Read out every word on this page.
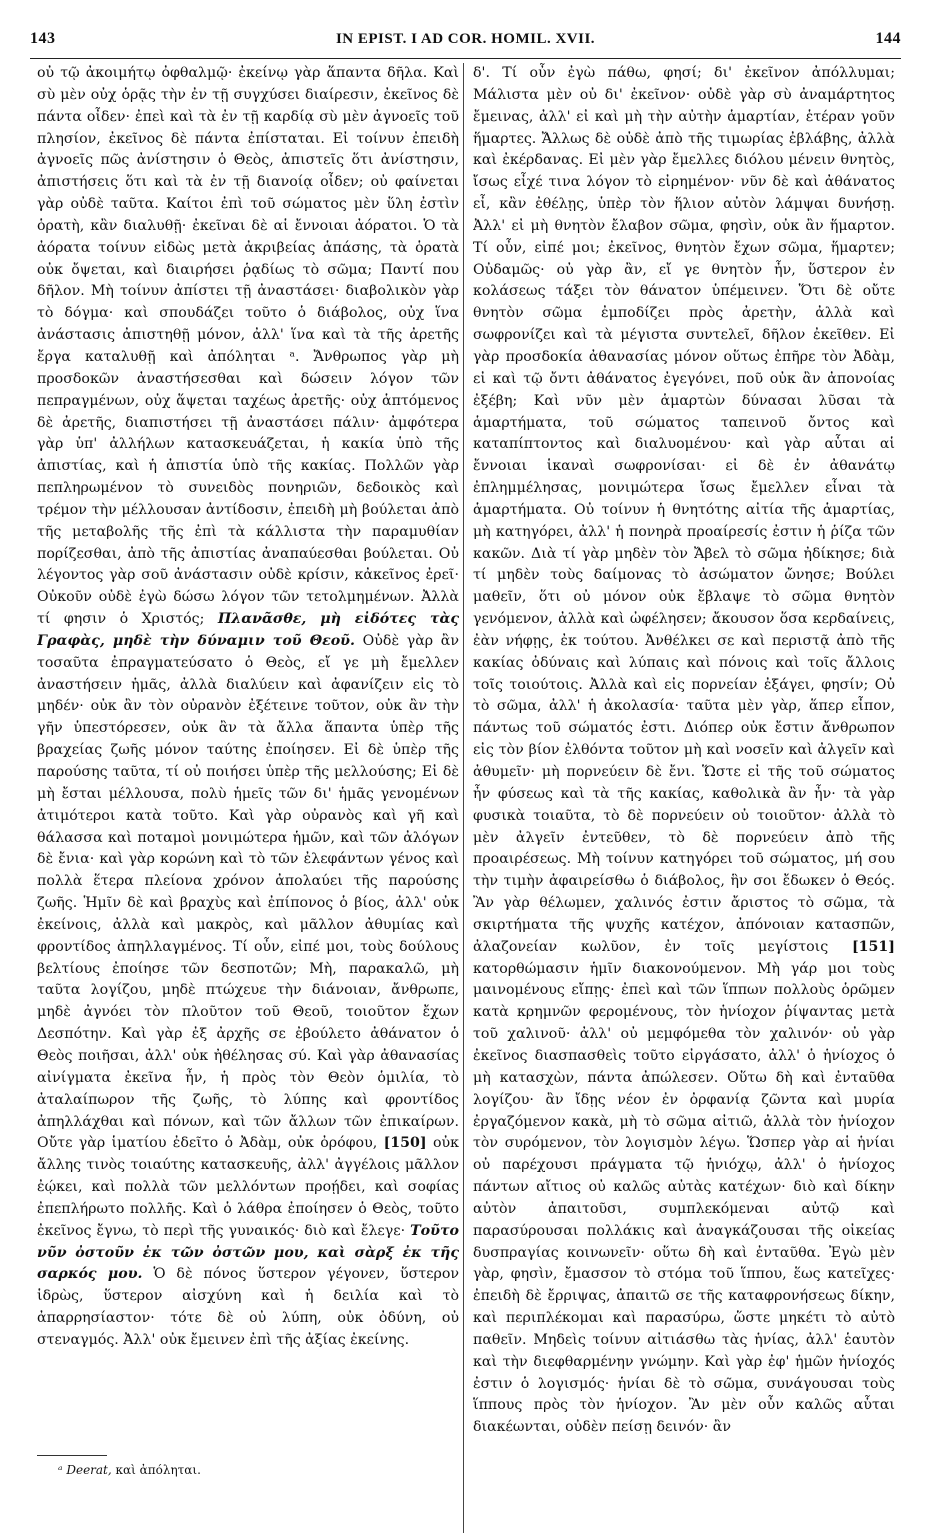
143	IN EPIST. I AD COR. HOMIL. XVII.	144

οὐ τῷ ἀκοιμήτῳ ὀφθαλμῷ· ἐκείνῳ γὰρ ἅπαντα δῆλα. Καὶ σὺ μὲν οὐχ ὁρᾷς τὴν ἐν τῇ συγχύσει διαίρεσιν, ἐκεῖνος δὲ πάντα οἶδεν· ἐπεὶ καὶ τὰ ἐν τῇ καρδίᾳ σὺ μὲν ἀγνοεῖς τοῦ πλησίον, ἐκεῖνος δὲ πάντα ἐπίσταται. Εἰ τοίνυν ἐπειδὴ ἀγνοεῖς πῶς ἀνίστησιν ὁ Θεὸς, ἀπιστεῖς ὅτι ἀνίστησιν, ἀπιστήσεις ὅτι καὶ τὰ ἐν τῇ διανοίᾳ οἶδεν; οὐ φαίνεται γὰρ οὐδὲ ταῦτα. Καίτοι ἐπὶ τοῦ σώματος μὲν ὕλη ἐστὶν ὁρατὴ, κἂν διαλυθῇ· ἐκεῖναι δὲ αἱ ἔννοιαι ἀόρατοι. Ὁ τὰ ἀόρατα τοίνυν εἰδὼς μετὰ ἀκριβείας ἁπάσης, τὰ ὁρατὰ οὐκ ὄψεται, καὶ διαιρήσει ῥᾳδίως τὸ σῶμα; Παντί που δῆλον. Μὴ τοίνυν ἀπίστει τῇ ἀναστάσει· διαβολικὸν γὰρ τὸ δόγμα· καὶ σπουδάζει τοῦτο ὁ διάβολος, οὐχ ἵνα ἀνάστασις ἀπιστηθῇ μόνον, ἀλλ' ἵνα καὶ τὰ τῆς ἀρετῆς ἔργα καταλυθῇ καὶ ἀπόληται ᵃ. Ἄνθρωπος γὰρ μὴ προσδοκῶν ἀναστήσεσθαι καὶ δώσειν λόγον τῶν πεπραγμένων, οὐχ ἅψεται ταχέως ἀρετῆς· οὐχ ἁπτόμενος δὲ ἀρετῆς, διαπιστήσει τῇ ἀναστάσει πάλιν· ἀμφότερα γὰρ ὑπ' ἀλλήλων κατασκευάζεται, ἡ κακία ὑπὸ τῆς ἀπιστίας, καὶ ἡ ἀπιστία ὑπὸ τῆς κακίας. Πολλῶν γὰρ πεπληρωμένον τὸ συνειδὸς πονηριῶν, δεδοικὸς καὶ τρέμον τὴν μέλλουσαν ἀντίδοσιν, ἐπειδὴ μὴ βούλεται ἀπὸ τῆς μεταβολῆς τῆς ἐπὶ τὰ κάλλιστα τὴν παραμυθίαν πορίζεσθαι, ἀπὸ τῆς ἀπιστίας ἀναπαύεσθαι βούλεται. Οὐ λέγοντος γὰρ σοῦ ἀνάστασιν οὐδὲ κρίσιν, κἀκεῖνος ἐρεῖ· Οὐκοῦν οὐδὲ ἐγὼ δώσω λόγον τῶν τετολμημένων. Ἀλλὰ τί φησιν ὁ Χριστός; Πλανᾶσθε, μὴ εἰδότες τὰς Γραφὰς, μηδὲ τὴν δύναμιν τοῦ Θεοῦ. Οὐδὲ γὰρ ἂν τοσαῦτα ἐπραγματεύσατο ὁ Θεὸς, εἴ γε μὴ ἔμελλεν ἀναστήσειν ἡμᾶς, ἀλλὰ διαλύειν καὶ ἀφανίζειν εἰς τὸ μηδέν· οὐκ ἂν τὸν οὐρανὸν ἐξέτεινε τοῦτον, οὐκ ἂν τὴν γῆν ὑπεστόρεσεν, οὐκ ἂν τὰ ἄλλα ἅπαντα ὑπὲρ τῆς βραχείας ζωῆς μόνον ταύτης ἐποίησεν. Εἰ δὲ ὑπὲρ τῆς παρούσης ταῦτα, τί οὐ ποιήσει ὑπὲρ τῆς μελλούσης; Εἰ δὲ μὴ ἔσται μέλλουσα, πολὺ ἡμεῖς τῶν δι' ἡμᾶς γενομένων ἀτιμότεροι κατὰ τοῦτο. Καὶ γὰρ οὐρανὸς καὶ γῆ καὶ θάλασσα καὶ ποταμοὶ μονιμώτερα ἡμῶν, καὶ τῶν ἀλόγων δὲ ἔνια· καὶ γὰρ κορώνη καὶ τὸ τῶν ἐλεφάντων γένος καὶ πολλὰ ἕτερα πλείονα χρόνον ἀπολαύει τῆς παρούσης ζωῆς. Ἡμῖν δὲ καὶ βραχὺς καὶ ἐπίπονος ὁ βίος, ἀλλ' οὐκ ἐκείνοις, ἀλλὰ καὶ μακρὸς, καὶ μᾶλλον ἀθυμίας καὶ φροντίδος ἀπηλλαγμένος. Τί οὖν, εἰπέ μοι, τοὺς δούλους βελτίους ἐποίησε τῶν δεσποτῶν; Μὴ, παρακαλῶ, μὴ ταῦτα λογίζου, μηδὲ πτώχευε τὴν διάνοιαν, ἄνθρωπε, μηδὲ ἀγνόει τὸν πλοῦτον τοῦ Θεοῦ, τοιοῦτον ἔχων Δεσπότην. Καὶ γὰρ ἐξ ἀρχῆς σε ἐβούλετο ἀθάνατον ὁ Θεὸς ποιῆσαι, ἀλλ' οὐκ ἠθέλησας σύ. Καὶ γὰρ ἀθανασίας αἰνίγματα ἐκεῖνα ἦν, ἡ πρὸς τὸν Θεὸν ὁμιλία, τὸ ἀταλαίπωρον τῆς ζωῆς, τὸ λύπης καὶ φροντίδος ἀπηλλάχθαι καὶ πόνων, καὶ τῶν ἄλλων τῶν ἐπικαίρων. Οὔτε γὰρ ἱματίου ἐδεῖτο ὁ Ἀδὰμ, οὐκ ὀρόφου, [150] οὐκ ἄλλης τινὸς τοιαύτης κατασκευῆς, ἀλλ' ἀγγέλοις μᾶλλον ἐῴκει, καὶ πολλὰ τῶν μελλόντων προῄδει, καὶ σοφίας ἐπεπλήρωτο πολλῆς. Καὶ ὁ λάθρα ἐποίησεν ὁ Θεὸς, τοῦτο ἐκεῖνος ἔγνω, τὸ περὶ τῆς γυναικός· διὸ καὶ ἔλεγε· Τοῦτο νῦν ὀστοῦν ἐκ τῶν ὀστῶν μου, καὶ σὰρξ ἐκ τῆς σαρκός μου. Ὁ δὲ πόνος ὕστερον γέγονεν, ὕστερον ἱδρὼς, ὕστερον αἰσχύνη καὶ ἡ δειλία καὶ τὸ ἀπαρρησίαστον· τότε δὲ οὐ λύπη, οὐκ ὀδύνη, οὐ στεναγμός. Ἀλλ' οὐκ ἔμεινεν ἐπὶ τῆς ἀξίας ἐκείνης.

δ'. Τί οὖν ἐγὼ πάθω, φησί; δι' ἐκεῖνον ἀπόλλυμαι; Μάλιστα μὲν οὐ δι' ἐκεῖνον· οὐδὲ γὰρ σὺ ἀναμάρτητος ἔμεινας, ἀλλ' εἰ καὶ μὴ τὴν αὐτὴν ἁμαρτίαν, ἑτέραν γοῦν ἥμαρτες. Ἄλλως δὲ οὐδὲ ἀπὸ τῆς τιμωρίας ἐβλάβης, ἀλλὰ καὶ ἐκέρδανας. Εἰ μὲν γὰρ ἔμελλες διόλου μένειν θνητὸς, ἴσως εἶχέ τινα λόγον τὸ εἰρημένον· νῦν δὲ καὶ ἀθάνατος εἶ, κἂν ἐθέλῃς, ὑπὲρ τὸν ἥλιον αὐτὸν λάμψαι δυνήσῃ. Ἀλλ' εἰ μὴ θνητὸν ἔλαβον σῶμα, φησὶν, οὐκ ἂν ἥμαρτον. Τί οὖν, εἰπέ μοι; ἐκεῖνος, θνητὸν ἔχων σῶμα, ἥμαρτεν; Οὐδαμῶς· οὐ γὰρ ἂν, εἴ γε θνητὸν ἦν, ὕστερον ἐν κολάσεως τάξει τὸν θάνατον ὑπέμεινεν. Ὅτι δὲ οὔτε θνητὸν σῶμα ἐμποδίζει πρὸς ἀρετὴν, ἀλλὰ καὶ σωφρονίζει καὶ τὰ μέγιστα συντελεῖ, δῆλον ἐκεῖθεν. Εἰ γὰρ προσδοκία ἀθανασίας μόνον οὕτως ἐπῆρε τὸν Ἀδὰμ, εἰ καὶ τῷ ὄντι ἀθάνατος ἐγεγόνει, ποῦ οὐκ ἂν ἀπονοίας ἐξέβη; Καὶ νῦν μὲν ἁμαρτὼν δύνασαι λῦσαι τὰ ἁμαρτήματα, τοῦ σώματος ταπεινοῦ ὄντος καὶ καταπίπτοντος καὶ διαλυομένου· καὶ γὰρ αὗται αἱ ἔννοιαι ἱκαναὶ σωφρονίσαι· εἰ δὲ ἐν ἀθανάτῳ ἐπλημμέλησας, μονιμώτερα ἴσως ἔμελλεν εἶναι τὰ ἁμαρτήματα. Οὐ τοίνυν ἡ θνητότης αἰτία τῆς ἁμαρτίας, μὴ κατηγόρει, ἀλλ' ἡ πονηρὰ προαίρεσίς ἐστιν ἡ ῥίζα τῶν κακῶν. Διὰ τί γὰρ μηδὲν τὸν Ἄβελ τὸ σῶμα ἠδίκησε; διὰ τί μηδὲν τοὺς δαίμονας τὸ ἀσώματον ὤνησε; Βούλει μαθεῖν, ὅτι οὐ μόνον οὐκ ἔβλαψε τὸ σῶμα θνητὸν γενόμενον, ἀλλὰ καὶ ὠφέλησεν; ἄκουσον ὅσα κερδαίνεις, ἐὰν νήφῃς, ἐκ τούτου. Ἀνθέλκει σε καὶ περιστᾷ ἀπὸ τῆς κακίας ὀδύναις καὶ λύπαις καὶ πόνοις καὶ τοῖς ἄλλοις τοῖς τοιούτοις. Ἀλλὰ καὶ εἰς πορνείαν ἐξάγει, φησίν; Οὐ τὸ σῶμα, ἀλλ' ἡ ἀκολασία· ταῦτα μὲν γὰρ, ἅπερ εἶπον, πάντως τοῦ σώματός ἐστι. Διόπερ οὐκ ἔστιν ἄνθρωπον εἰς τὸν βίον ἐλθόντα τοῦτον μὴ καὶ νοσεῖν καὶ ἀλγεῖν καὶ ἀθυμεῖν· μὴ πορνεύειν δὲ ἔνι. Ὥστε εἰ τῆς τοῦ σώματος ἦν φύσεως καὶ τὰ τῆς κακίας, καθολικὰ ἂν ἦν· τὰ γὰρ φυσικὰ τοιαῦτα, τὸ δὲ πορνεύειν οὐ τοιοῦτον· ἀλλὰ τὸ μὲν ἀλγεῖν ἐντεῦθεν, τὸ δὲ πορνεύειν ἀπὸ τῆς προαιρέσεως. Μὴ τοίνυν κατηγόρει τοῦ σώματος, μή σου τὴν τιμὴν ἀφαιρείσθω ὁ διάβολος, ἣν σοι ἔδωκεν ὁ Θεός. Ἂν γὰρ θέλωμεν, χαλινός ἐστιν ἄριστος τὸ σῶμα, τὰ σκιρτήματα τῆς ψυχῆς κατέχον, ἀπόνοιαν κατασπῶν, ἀλαζονείαν κωλῦον, ἐν τοῖς μεγίστοις [151] κατορθώμασιν ἡμῖν διακονούμενον. Μὴ γάρ μοι τοὺς μαινομένους εἴπῃς· ἐπεὶ καὶ τῶν ἵππων πολλοὺς ὁρῶμεν κατὰ κρημνῶν φερομένους, τὸν ἡνίοχον ῥίψαντας μετὰ τοῦ χαλινοῦ· ἀλλ' οὐ μεμφόμεθα τὸν χαλινόν· οὐ γὰρ ἐκεῖνος διασπασθεὶς τοῦτο εἰργάσατο, ἀλλ' ὁ ἡνίοχος ὁ μὴ κατασχὼν, πάντα ἀπώλεσεν. Οὕτω δὴ καὶ ἐνταῦθα λογίζου· ἂν ἴδῃς νέον ἐν ὀρφανίᾳ ζῶντα καὶ μυρία ἐργαζόμενον κακὰ, μὴ τὸ σῶμα αἰτιῶ, ἀλλὰ τὸν ἡνίοχον τὸν συρόμενον, τὸν λογισμὸν λέγω. Ὥσπερ γὰρ αἱ ἡνίαι οὐ παρέχουσι πράγματα τῷ ἡνιόχῳ, ἀλλ' ὁ ἡνίοχος πάντων αἴτιος οὐ καλῶς αὐτὰς κατέχων· διὸ καὶ δίκην αὐτὸν ἀπαιτοῦσι, συμπλεκόμεναι αὐτῷ καὶ παρασύρουσαι πολλάκις καὶ ἀναγκάζουσαι τῆς οἰκείας δυσπραγίας κοινωνεῖν· οὕτω δὴ καὶ ἐνταῦθα. Ἐγὼ μὲν γὰρ, φησὶν, ἔμασσον τὸ στόμα τοῦ ἵππου, ἕως κατεῖχες· ἐπειδὴ δὲ ἔρριψας, ἀπαιτῶ σε τῆς καταφρονήσεως δίκην, καὶ περιπλέκομαι καὶ παρασύρω, ὥστε μηκέτι τὸ αὐτὸ παθεῖν. Μηδεὶς τοίνυν αἰτιάσθω τὰς ἡνίας, ἀλλ' ἑαυτὸν καὶ τὴν διεφθαρμένην γνώμην. Καὶ γὰρ ἐφ' ἡμῶν ἡνίοχός ἐστιν ὁ λογισμός· ἡνίαι δὲ τὸ σῶμα, συνάγουσαι τοὺς ἵππους πρὸς τὸν ἡνίοχον. Ἂν μὲν οὖν καλῶς αὗται διακέωνται, οὐδὲν πείσῃ δεινόν· ἂν

ᵃ Deerat, καὶ ἀπόληται.
